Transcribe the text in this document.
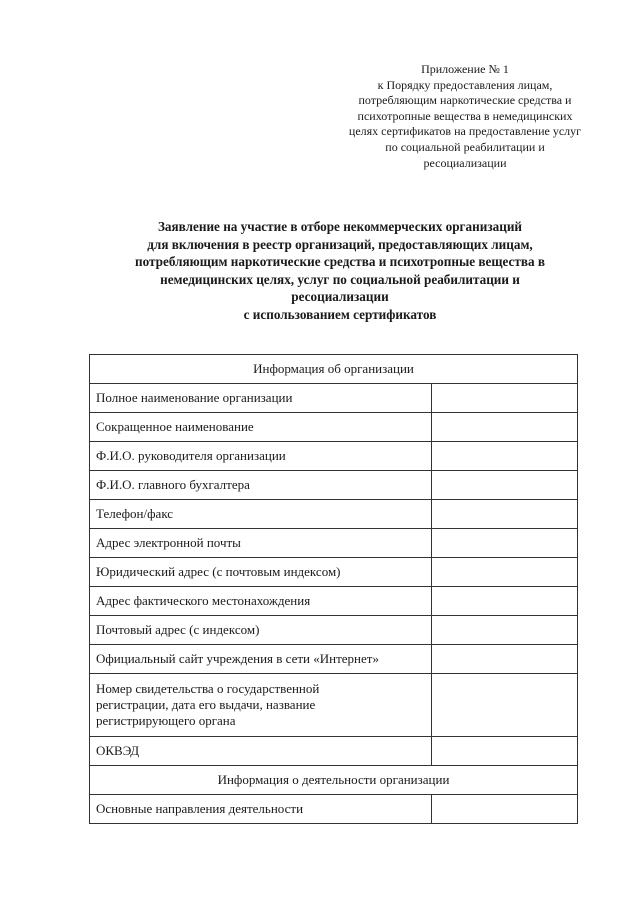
Приложение № 1
к Порядку предоставления лицам,
потребляющим наркотические средства и
психотропные вещества в немедицинских
целях сертификатов на предоставление услуг
по социальной реабилитации и
ресоциализации
Заявление на участие в отборе некоммерческих организаций
для включения в реестр организаций, предоставляющих лицам,
потребляющим наркотические средства и психотропные вещества в
немедицинских целях, услуг по социальной реабилитации и
ресоциализации
с использованием сертификатов
Информация об организации	
Полное наименование организации	
Сокращенное наименование	
Ф.И.О. руководителя организации	
Ф.И.О. главного бухгалтера	
Телефон/факс	
Адрес электронной почты	
Юридический адрес (с почтовым индексом)	
Адрес фактического местонахождения	
Почтовый адрес (с индексом)	
Официальный сайт учреждения в сети «Интернет»	
Номер свидетельства о государственной
регистрации, дата его выдачи, название
регистрирующего органа	
ОКВЭД	
Информация о деятельности организации	
Основные направления деятельности	
